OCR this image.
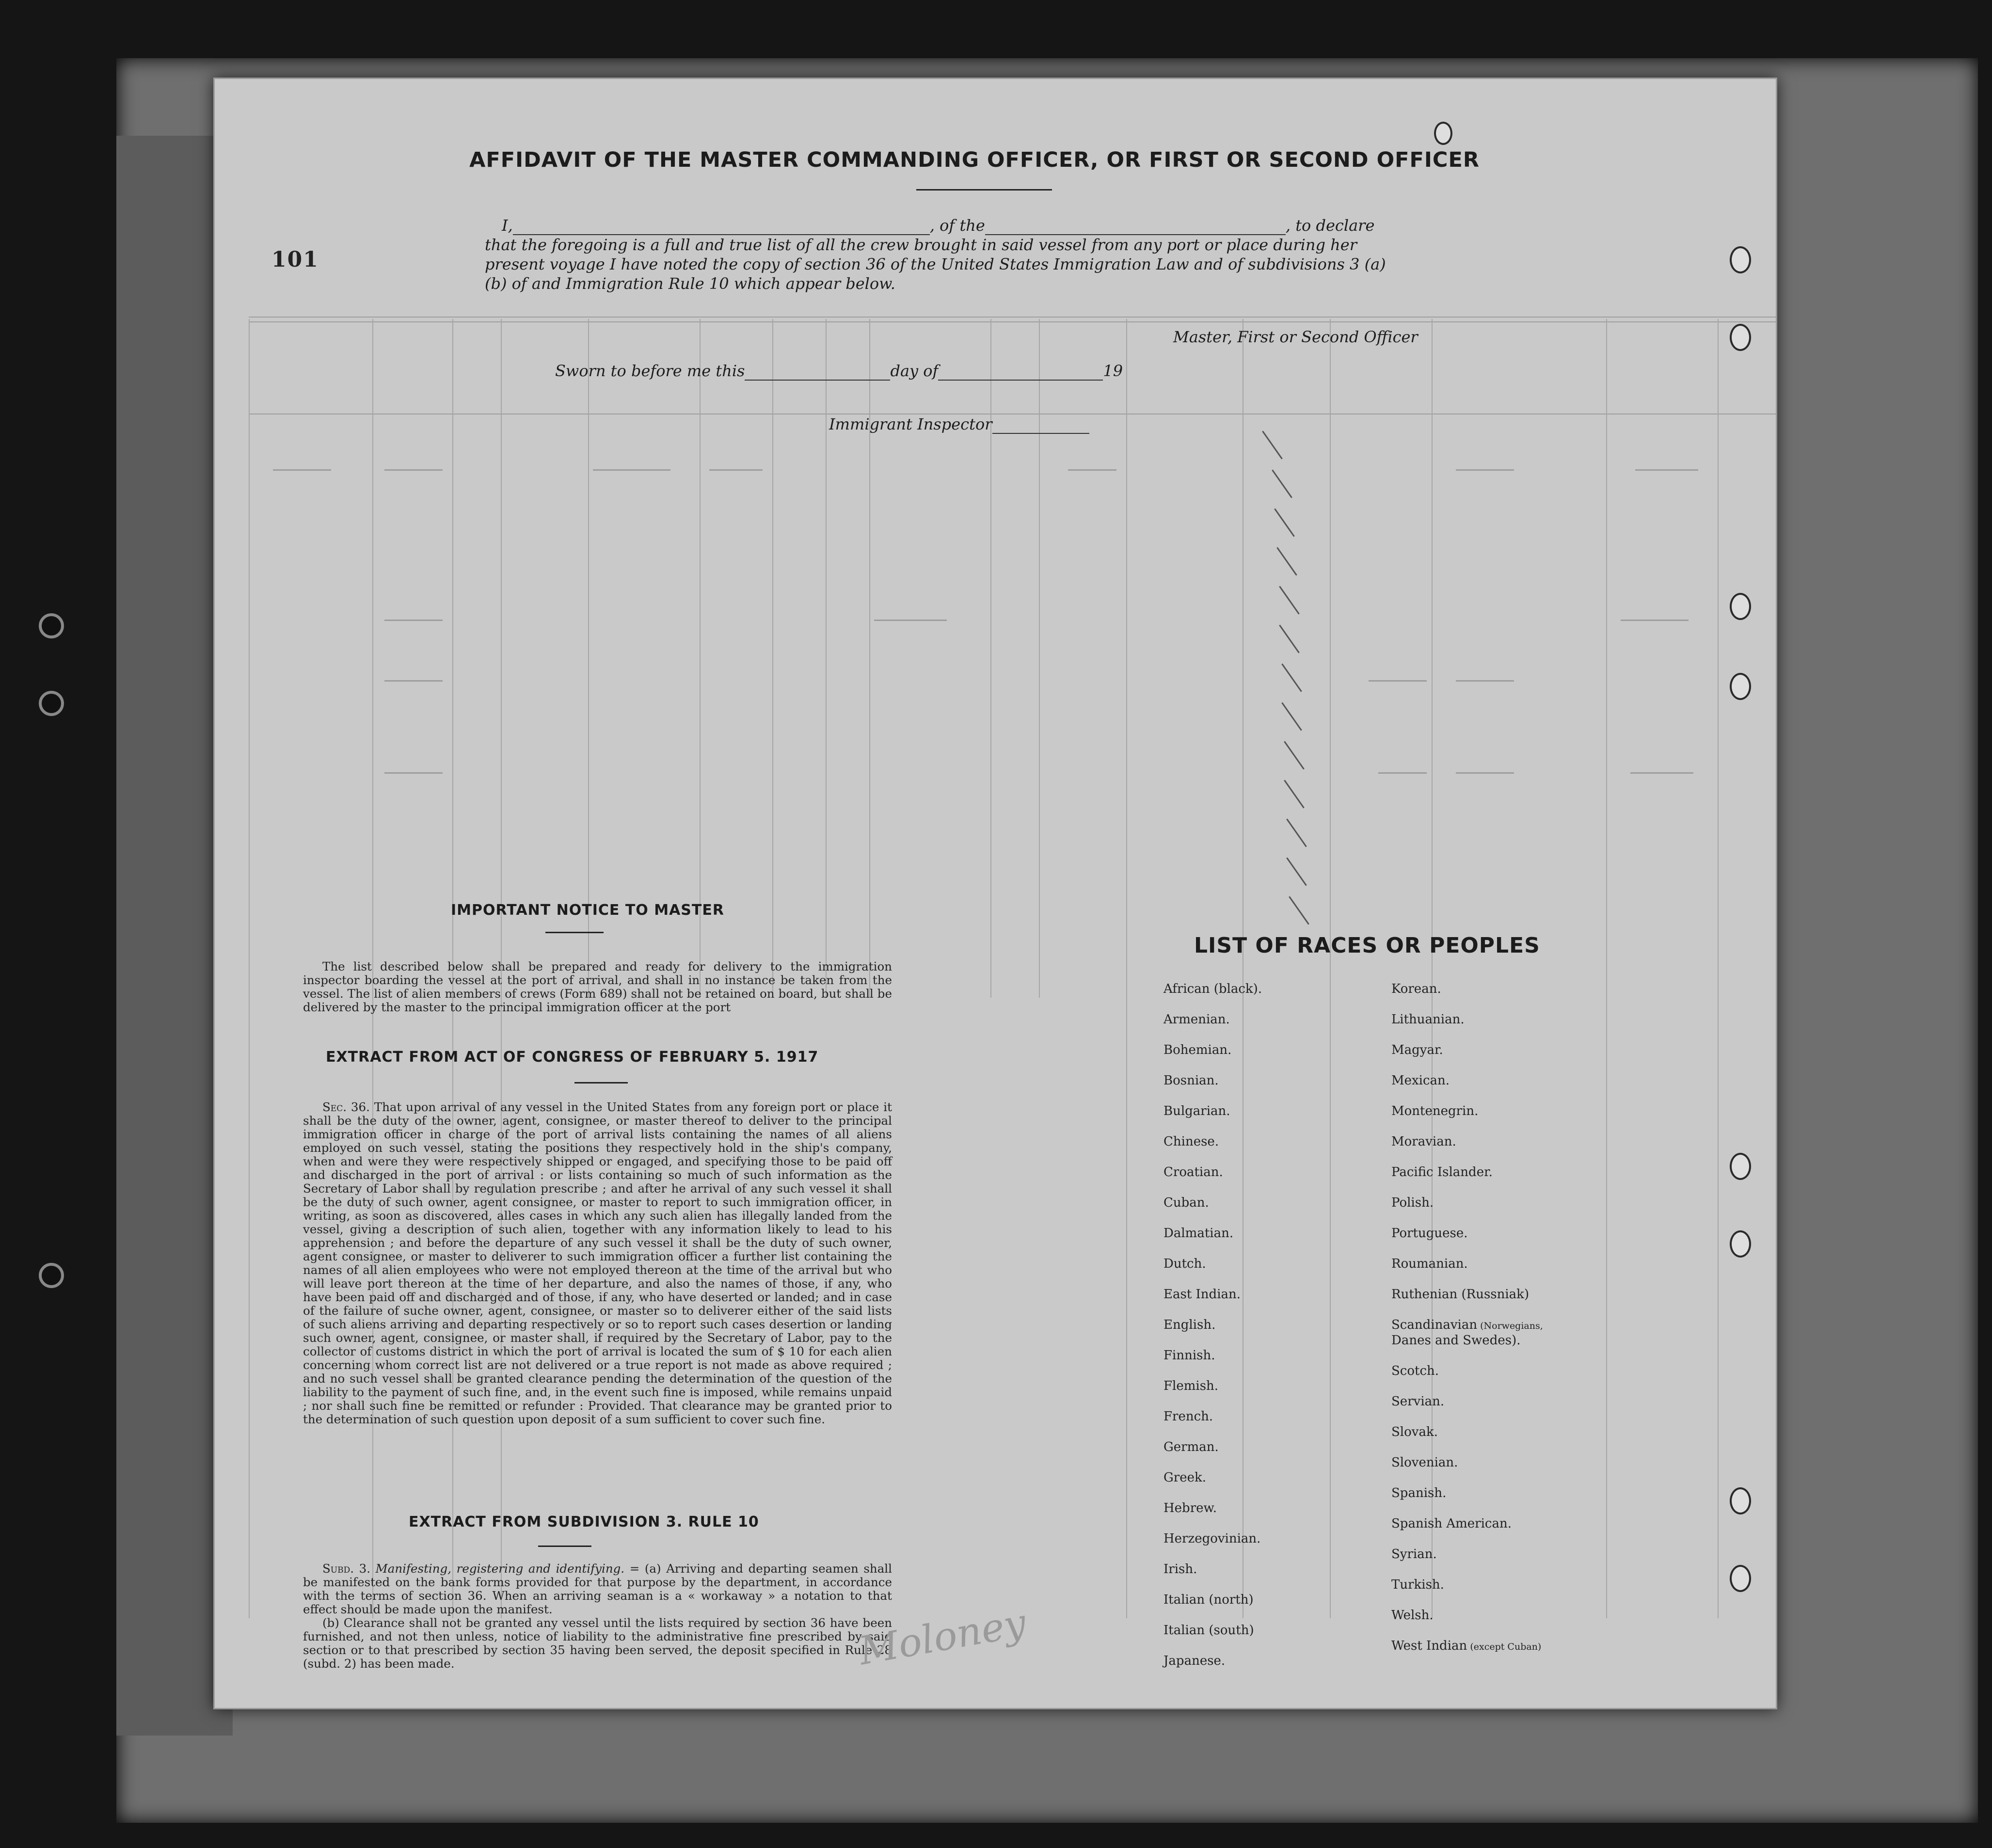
101
AFFIDAVIT OF THE MASTER COMMANDING OFFICER, OR FIRST OR SECOND OFFICER
I,	, of the	, to declare
that the foregoing is a full and true list of all the crew brought in said vessel from any port or place during her
present voyage I have noted the copy of section 36 of the United States Immigration Law and of subdivisions 3 (a)
(b) of and Immigration Rule 10 which appear below.
Master, First or Second Officer
Sworn to before me this	day of	19
Immigrant Inspector
IMPORTANT NOTICE TO MASTER

The list described below shall be prepared and ready for delivery to the immigration inspector boarding the vessel at the port of arrival, and shall in no instance be taken from the vessel. The list of alien members of crews (Form 689) shall not be retained on board, but shall be delivered by the master to the principal immigration officer at the port

EXTRACT FROM ACT OF CONGRESS OF FEBRUARY 5. 1917

Sec. 36. That upon arrival of any vessel in the United States from any foreign port or place it shall be the duty of the owner, agent, consignee, or master thereof to deliver to the principal immigration officer in charge of the port of arrival lists containing the names of all aliens employed on such vessel, stating the positions they respectively hold in the ship's company, when and were they were respectively shipped or engaged, and specifying those to be paid off and discharged in the port of arrival : or lists containing so much of such information as the Secretary of Labor shall by regulation prescribe ; and after he arrival of any such vessel it shall be the duty of such owner, agent consignee, or master to report to such immigration officer, in writing, as soon as discovered, alles cases in which any such alien has illegally landed from the vessel, giving a description of such alien, together with any information likely to lead to his apprehension ; and before the departure of any such vessel it shall be the duty of such owner, agent consignee, or master to deliverer to such immigration officer a further list containing the names of all alien employees who were not employed thereon at the time of the arrival but who will leave port thereon at the time of her departure, and also the names of those, if any, who have been paid off and discharged and of those, if any, who have deserted or landed; and in case of the failure of suche owner, agent, consignee, or master so to deliverer either of the said lists of such aliens arriving and departing respectively or so to report such cases desertion or landing such owner, agent, consignee, or master shall, if required by the Secretary of Labor, pay to the collector of customs district in which the port of arrival is located the sum of $ 10 for each alien concerning whom correct list are not delivered or a true report is not made as above required ; and no such vessel shall be granted clearance pending the determination of the question of the liability to the payment of such fine, and, in the event such fine is imposed, while remains unpaid ; nor shall such fine be remitted or refunder : Provided. That clearance may be granted prior to the determination of such question upon deposit of a sum sufficient to cover such fine.

EXTRACT FROM SUBDIVISION 3. RULE 10

Subd. 3. Manifesting, registering and identifying. = (a) Arriving and departing seamen shall be manifested on the bank forms provided for that purpose by the department, in accordance with the terms of section 36. When an arriving seaman is a « workaway » a notation to that effect should be made upon the manifest.

(b) Clearance shall not be granted any vessel until the lists required by section 36 have been furnished, and not then unless, notice of liability to the administrative fine prescribed by said section or to that prescribed by section 35 having been served, the deposit specified in Rule 28 (subd. 2) has been made.	Moloney
LIST OF RACES OR PEOPLES
African (black).
Armenian.
Bohemian.
Bosnian.
Bulgarian.
Chinese.
Croatian.
Cuban.
Dalmatian.
Dutch.
East Indian.
English.
Finnish.
Flemish.
French.
German.
Greek.
Hebrew.
Herzegovinian.
Irish.
Italian (north)
Italian (south)
Japanese.
Korean.
Lithuanian.
Magyar.
Mexican.
Montenegrin.
Moravian.
Pacific Islander.
Polish.
Portuguese.
Roumanian.
Ruthenian (Russniak)
Scandinavian (Norwegians,
Danes and Swedes).
Scotch.
Servian.
Slovak.
Slovenian.
Spanish.
Spanish American.
Syrian.
Turkish.
Welsh.
West Indian (except Cuban)
